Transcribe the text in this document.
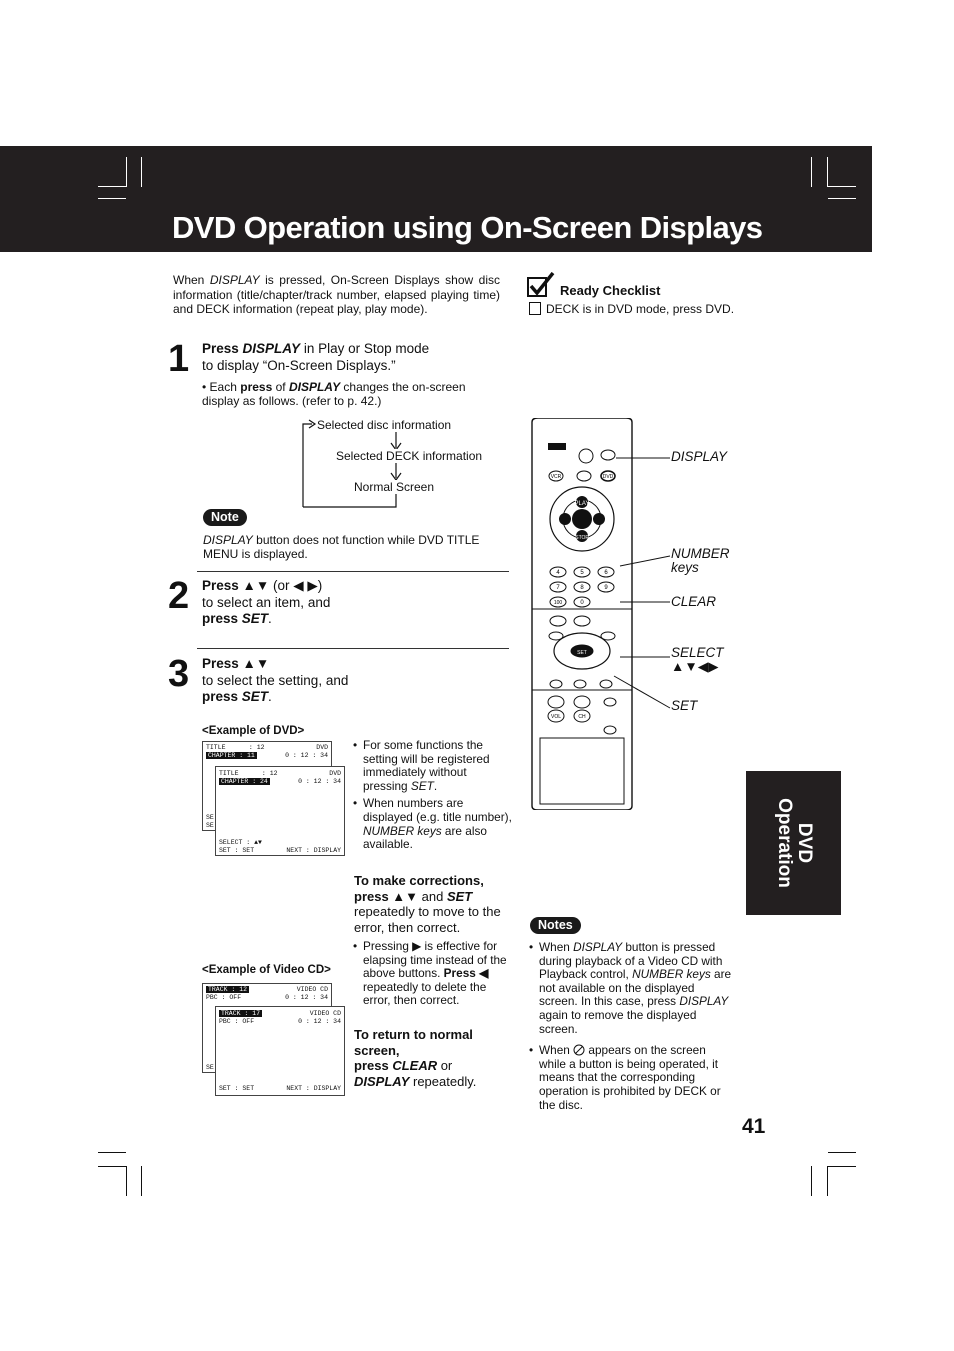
DVD Operation using On-Screen Displays
When DISPLAY is pressed, On-Screen Displays show disc information (title/chapter/track number, elapsed playing time) and DECK information (repeat play, play mode).
Ready Checklist
DECK is in DVD mode, press DVD.
1 Press DISPLAY in Play or Stop mode
to display “On-Screen Displays.”
• Each press of DISPLAY changes the on-screen display as follows. (refer to p. 42.)
Selected disc information
Selected DECK information
Normal Screen
Note
DISPLAY button does not function while DVD TITLE MENU is displayed.
2 Press ▲▼ (or ◀ ▶)
to select an item, and
press SET.
3 Press ▲▼
to select the setting, and
press SET.
<Example of DVD>
TITLE	: 12	DVD
CHAPTER : 11	0 : 12 : 34
SE
SE
TITLE	: 12	DVD
CHAPTER : 24	0 : 12 : 34
SELECT : ▲▼
SET : SET	NEXT : DISPLAY
• For some functions the setting will be registered immediately without pressing SET.
• When numbers are displayed (e.g. title number), NUMBER keys are also available.
To make corrections,
press ▲▼ and SET
repeatedly to move to the error, then correct.
• Pressing ▶ is effective for elapsing time instead of the above buttons. Press ◀ repeatedly to delete the error, then correct.
To return to normal screen,
press CLEAR or
DISPLAY repeatedly.
<Example of Video CD>
TRACK : 12	VIDEO CD
PBC : OFF	0 : 12 : 34
SE
TRACK : 17	VIDEO CD
PBC : OFF	0 : 12 : 34
SET : SET	NEXT : DISPLAY
PLAY
STOP
VCR	DVD
4	5	6
7	8	9
100	0
SET
VOL	CH
DISPLAY
NUMBER
keys
CLEAR
SELECT
▲▼◀▶
SET
DVD
Operation
Notes
• When DISPLAY button is pressed during playback of a Video CD with Playback control, NUMBER keys are not available on the displayed screen. In this case, press DISPLAY again to remove the displayed screen.
• When  appears on the screen while a button is being operated, it means that the corresponding operation is prohibited by DECK or the disc.
41
